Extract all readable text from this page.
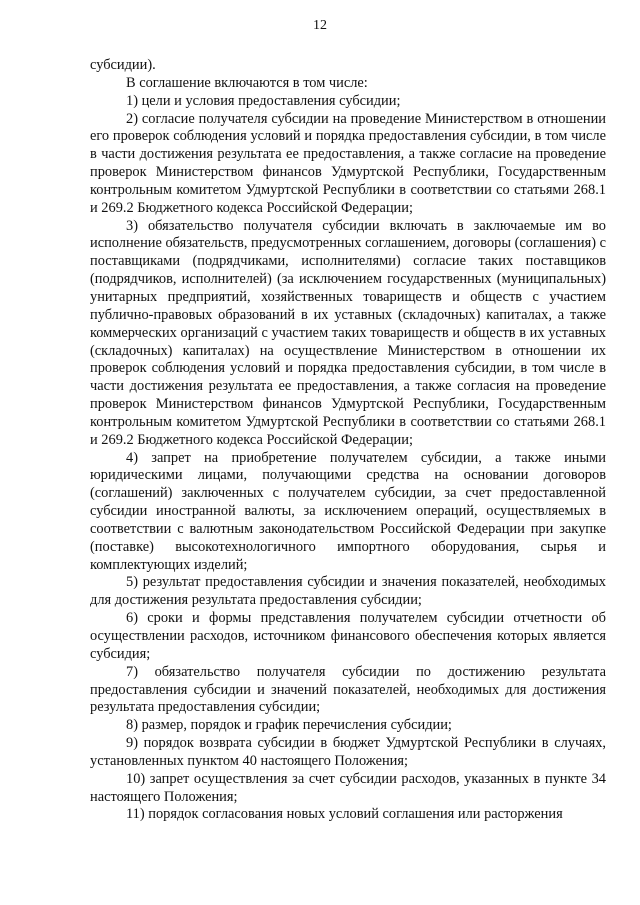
12

субсидии).

В соглашение включаются в том числе:

1) цели и условия предоставления субсидии;

2) согласие получателя субсидии на проведение Министерством в отношении его проверок соблюдения условий и порядка предоставления субсидии, в том числе в части достижения результата ее предоставления, а также согласие на проведение проверок Министерством финансов Удмуртской Республики, Государственным контрольным комитетом Удмуртской Республики в соответствии со статьями 268.1 и 269.2 Бюджетного кодекса Российской Федерации;

3) обязательство получателя субсидии включать в заключаемые им во исполнение обязательств, предусмотренных соглашением, договоры (соглашения) с поставщиками (подрядчиками, исполнителями) согласие таких поставщиков (подрядчиков, исполнителей) (за исключением государственных (муниципальных) унитарных предприятий, хозяйственных товариществ и обществ с участием публично-правовых образований в их уставных (складочных) капиталах, а также коммерческих организаций с участием таких товариществ и обществ в их уставных (складочных) капиталах) на осуществление Министерством в отношении их проверок соблюдения условий и порядка предоставления субсидии, в том числе в части достижения результата ее предоставления, а также согласия на проведение проверок Министерством финансов Удмуртской Республики, Государственным контрольным комитетом Удмуртской Республики в соответствии со статьями 268.1 и 269.2 Бюджетного кодекса Российской Федерации;

4) запрет на приобретение получателем субсидии, а также иными юридическими лицами, получающими средства на основании договоров (соглашений) заключенных с получателем субсидии, за счет предоставленной субсидии иностранной валюты, за исключением операций, осуществляемых в соответствии с валютным законодательством Российской Федерации при закупке (поставке) высокотехнологичного импортного оборудования, сырья и комплектующих изделий;

5) результат предоставления субсидии и значения показателей, необходимых для достижения результата предоставления субсидии;

6) сроки и формы представления получателем субсидии отчетности об осуществлении расходов, источником финансового обеспечения которых является субсидия;

7) обязательство получателя субсидии по достижению результата предоставления субсидии и значений показателей, необходимых для достижения результата предоставления субсидии;

8) размер, порядок и график перечисления субсидии;

9) порядок возврата субсидии в бюджет Удмуртской Республики в случаях, установленных пунктом 40 настоящего Положения;

10) запрет осуществления за счет субсидии расходов, указанных в пункте 34 настоящего Положения;

11) порядок согласования новых условий соглашения или расторжения
